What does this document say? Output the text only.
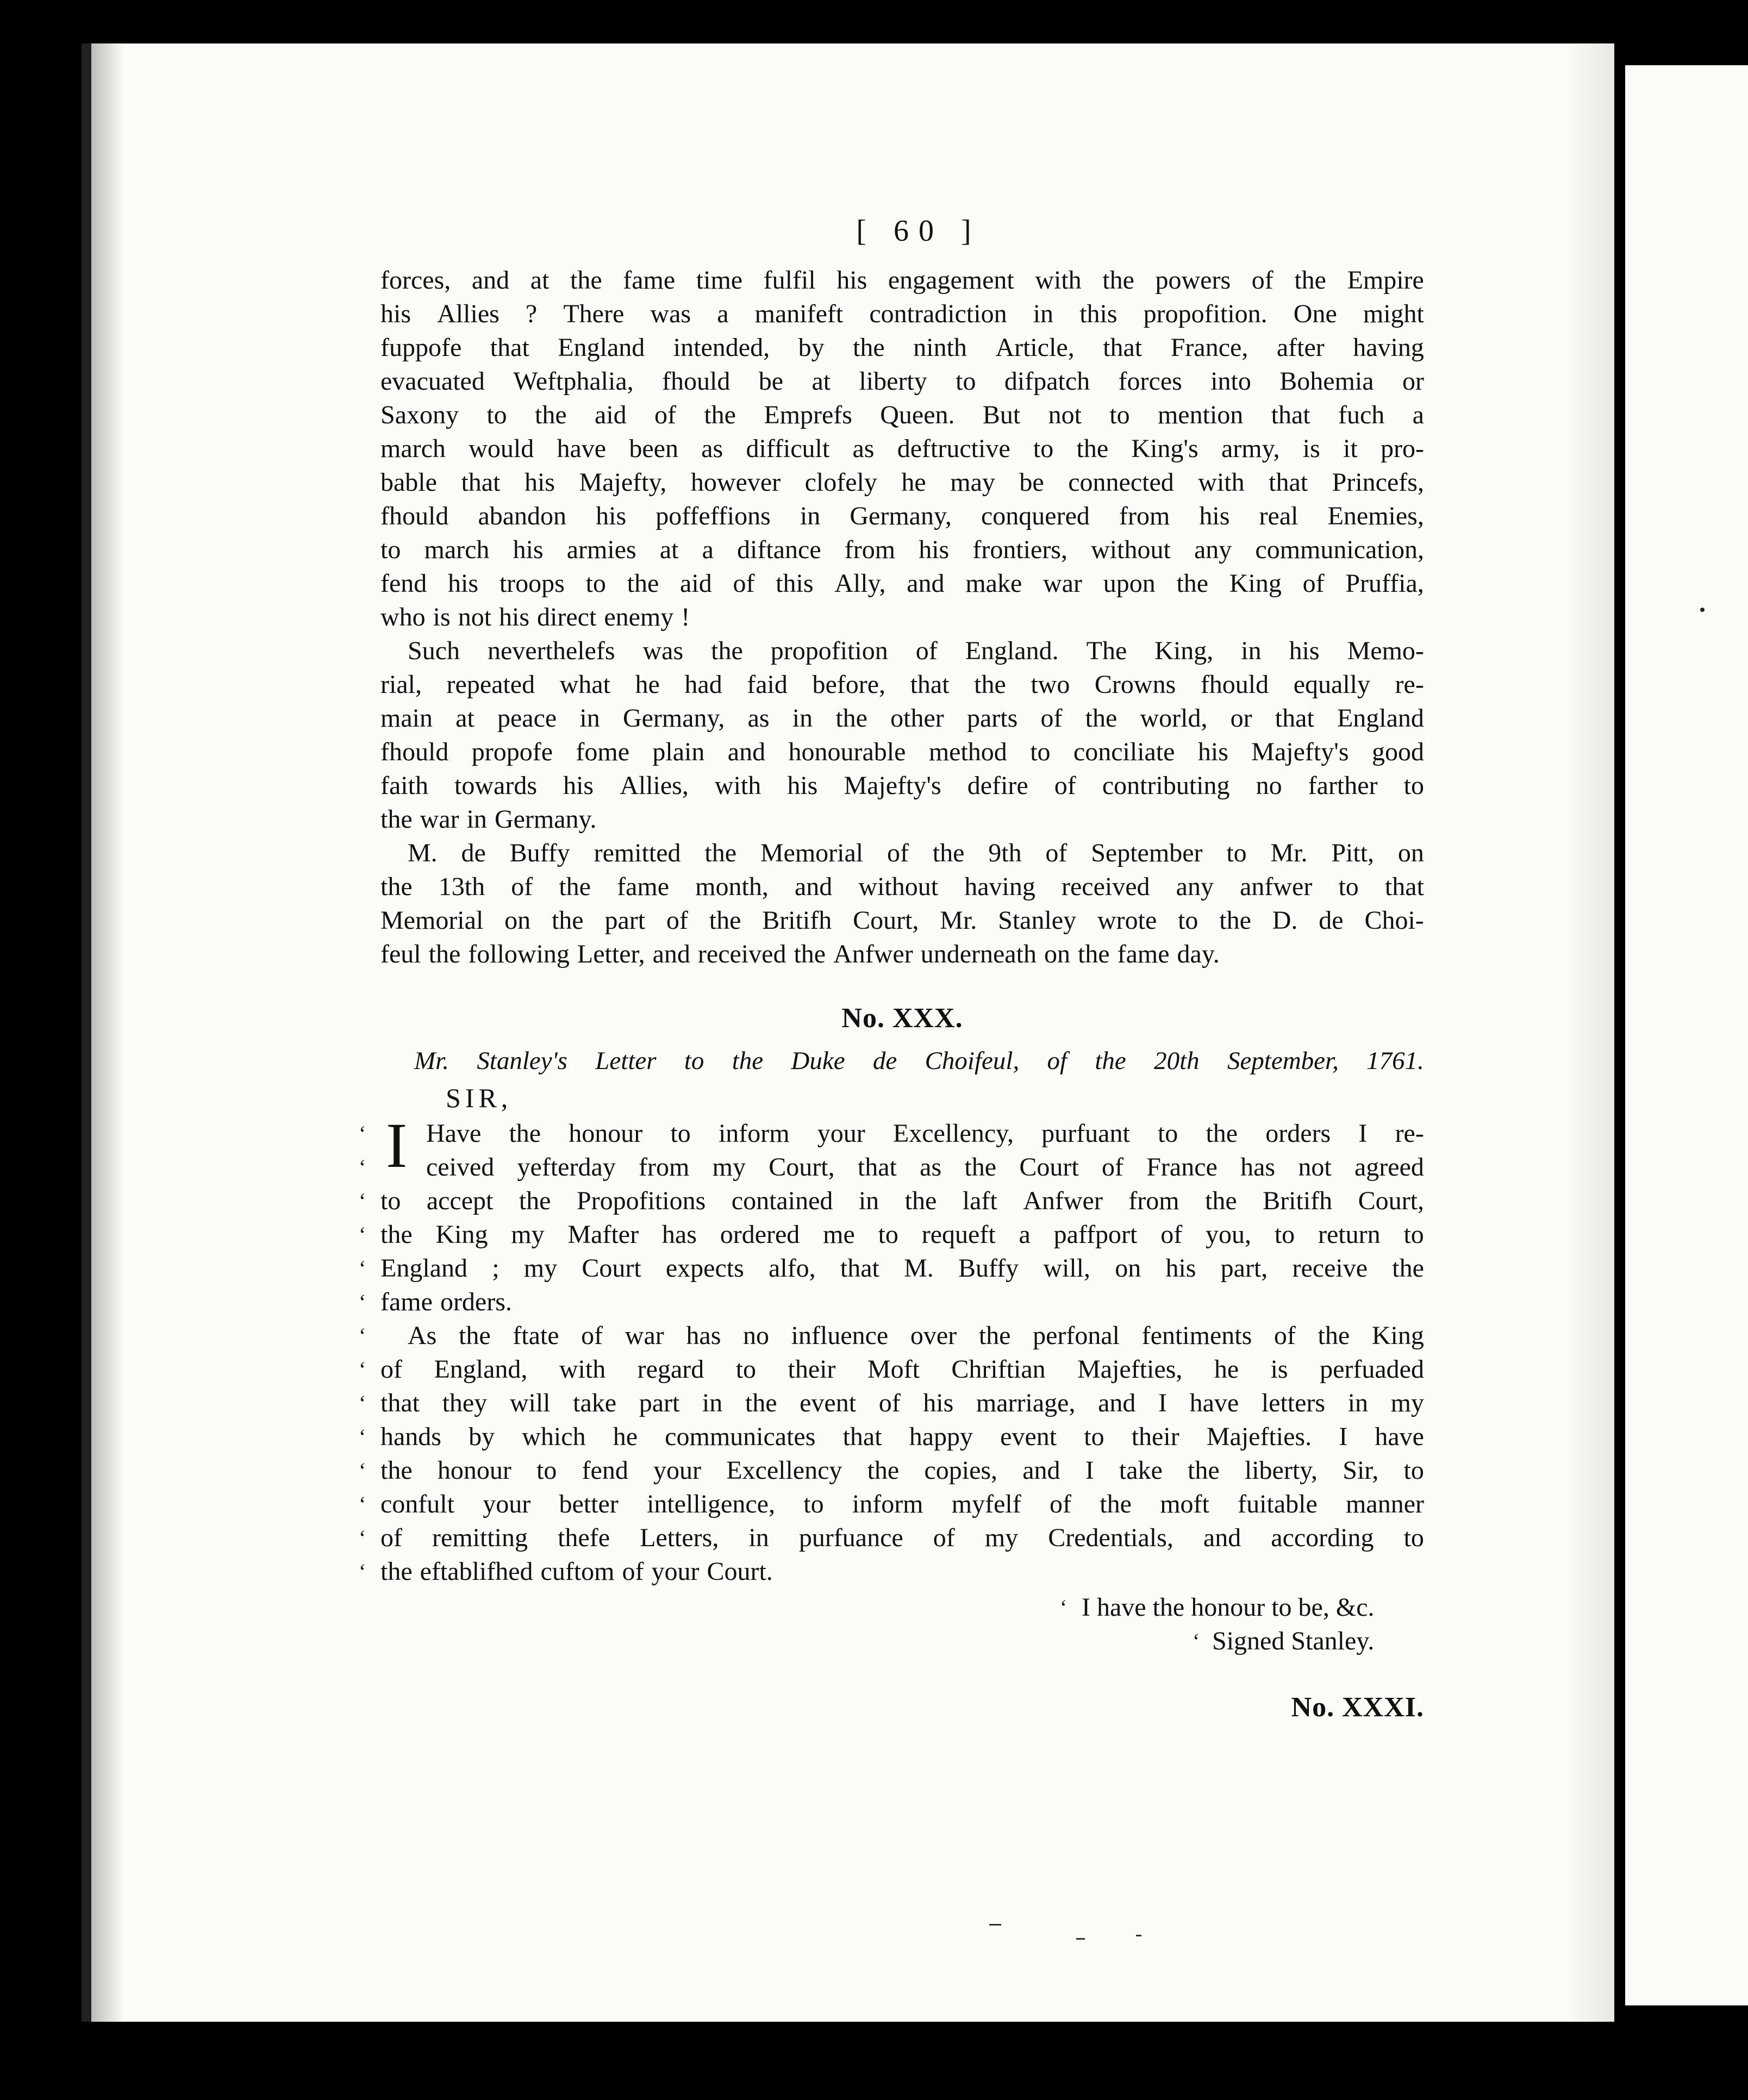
[ 60 ]
forces, and at the fame time fulfil his engagement with the powers of the Empire
his Allies ? There was a manifeft contradiction in this propofition. One might
fuppofe that England intended, by the ninth Article, that France, after having
evacuated Weftphalia, fhould be at liberty to difpatch forces into Bohemia or
Saxony to the aid of the Emprefs Queen. But not to mention that fuch a
march would have been as difficult as deftructive to the King's army, is it pro-
bable that his Majefty, however clofely he may be connected with that Princefs,
fhould abandon his poffeffions in Germany, conquered from his real Enemies,
to march his armies at a diftance from his frontiers, without any communication,
fend his troops to the aid of this Ally, and make war upon the King of Pruffia,
who is not his direct enemy !
Such neverthelefs was the propofition of England. The King, in his Memo-
rial, repeated what he had faid before, that the two Crowns fhould equally re-
main at peace in Germany, as in the other parts of the world, or that England
fhould propofe fome plain and honourable method to conciliate his Majefty's good
faith towards his Allies, with his Majefty's defire of contributing no farther to
the war in Germany.
M. de Buffy remitted the Memorial of the 9th of September to Mr. Pitt, on
the 13th of the fame month, and without having received any anfwer to that
Memorial on the part of the Britifh Court, Mr. Stanley wrote to the D. de Choi-
feul the following Letter, and received the Anfwer underneath on the fame day.
No. XXX.
Mr. Stanley's Letter to the Duke de Choifeul, of the 20th September, 1761.
SIR,
Have the honour to inform your Excellency, purfuant to the orders I re-
‘
ceived yefterday from my Court, that as the Court of France has not agreed
‘
to accept the Propofitions contained in the laft Anfwer from the Britifh Court,
‘
the King my Mafter has ordered me to requeft a paffport of you, to return to
‘
England ; my Court expects alfo, that M. Buffy will, on his part, receive the
‘
fame orders.
‘
I
As the ftate of war has no influence over the perfonal fentiments of the King
‘
of England, with regard to their Moft Chriftian Majefties, he is perfuaded
‘
that they will take part in the event of his marriage, and I have letters in my
‘
hands by which he communicates that happy event to their Majefties. I have
‘
the honour to fend your Excellency the copies, and I take the liberty, Sir, to
‘
confult your better intelligence, to inform myfelf of the moft fuitable manner
‘
of remitting thefe Letters, in purfuance of my Credentials, and according to
‘
the eftablifhed cuftom of your Court.
‘
‘ I have the honour to be, &c.
‘ Signed Stanley.
No. XXXI.
